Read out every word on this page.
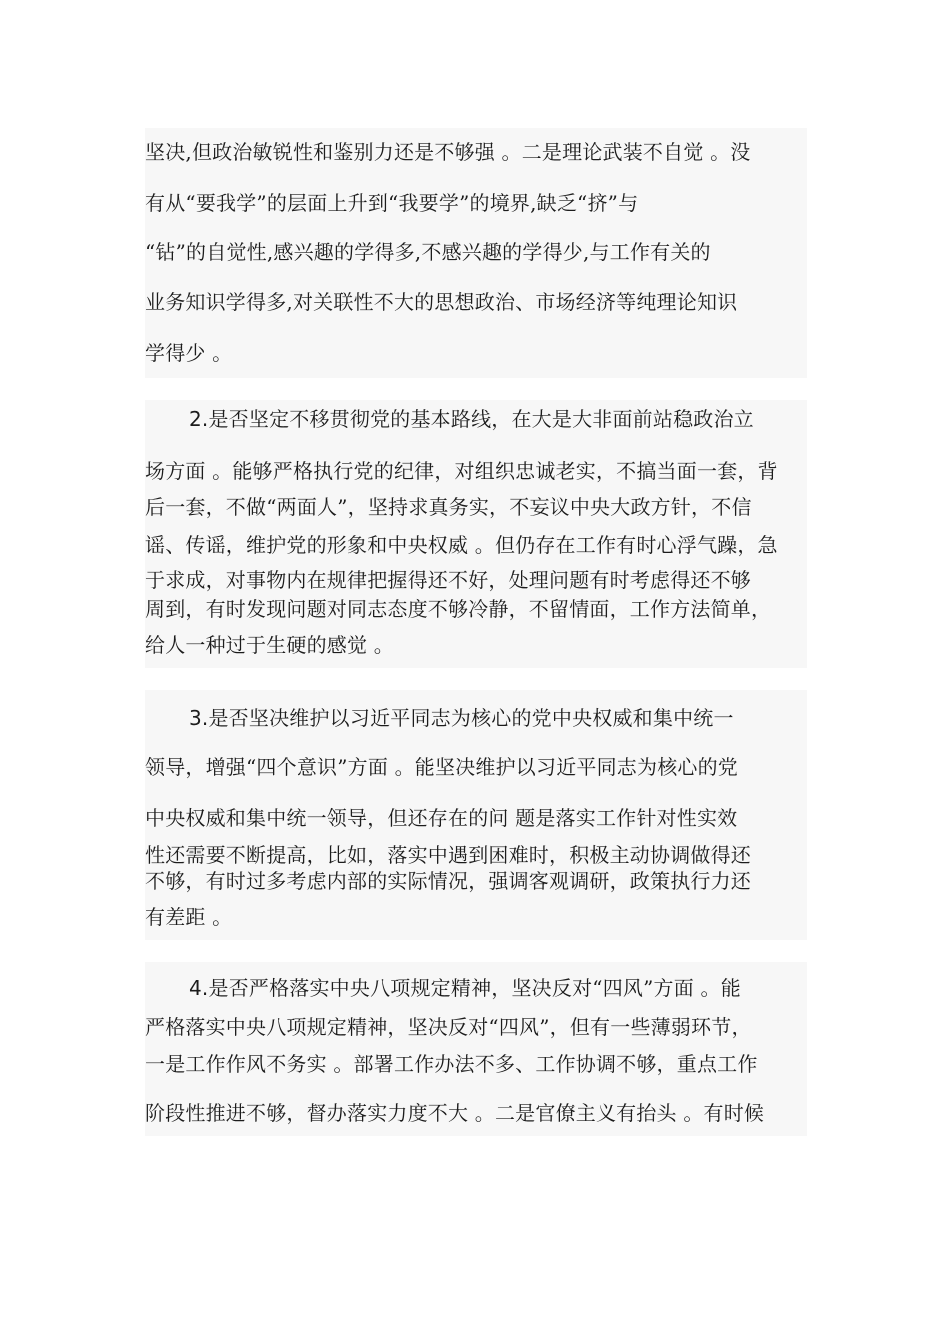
坚决,但政治敏锐性和鉴别力还是不够强 。二是理论武装不自觉 。没
有从“要我学”的层面上升到“我要学”的境界,缺乏“挤”与
“钻”的自觉性,感兴趣的学得多,不感兴趣的学得少,与工作有关的
业务知识学得多,对关联性不大的思想政治、市场经济等纯理论知识
学得少 。
2.是否坚定不移贯彻党的基本路线，在大是大非面前站稳政治立
场方面 。能够严格执行党的纪律，对组织忠诚老实，不搞当面一套，背
后一套，不做“两面人”，坚持求真务实，不妄议中央大政方针，不信
谣、传谣，维护党的形象和中央权威 。但仍存在工作有时心浮气躁，急
于求成，对事物内在规律把握得还不好，处理问题有时考虑得还不够
周到，有时发现问题对同志态度不够冷静，不留情面，工作方法简单，
给人一种过于生硬的感觉 。
3.是否坚决维护以习近平同志为核心的党中央权威和集中统一
领导，增强“四个意识”方面 。能坚决维护以习近平同志为核心的党
中央权威和集中统一领导，但还存在的问 题是落实工作针对性实效
性还需要不断提高，比如，落实中遇到困难时，积极主动协调做得还
不够，有时过多考虑内部的实际情况，强调客观调研，政策执行力还
有差距 。
4.是否严格落实中央八项规定精神，坚决反对“四风”方面 。能
严格落实中央八项规定精神，坚决反对“四风”，但有一些薄弱环节，
一是工作作风不务实 。部署工作办法不多、工作协调不够，重点工作
阶段性推进不够，督办落实力度不大 。二是官僚主义有抬头 。有时候
